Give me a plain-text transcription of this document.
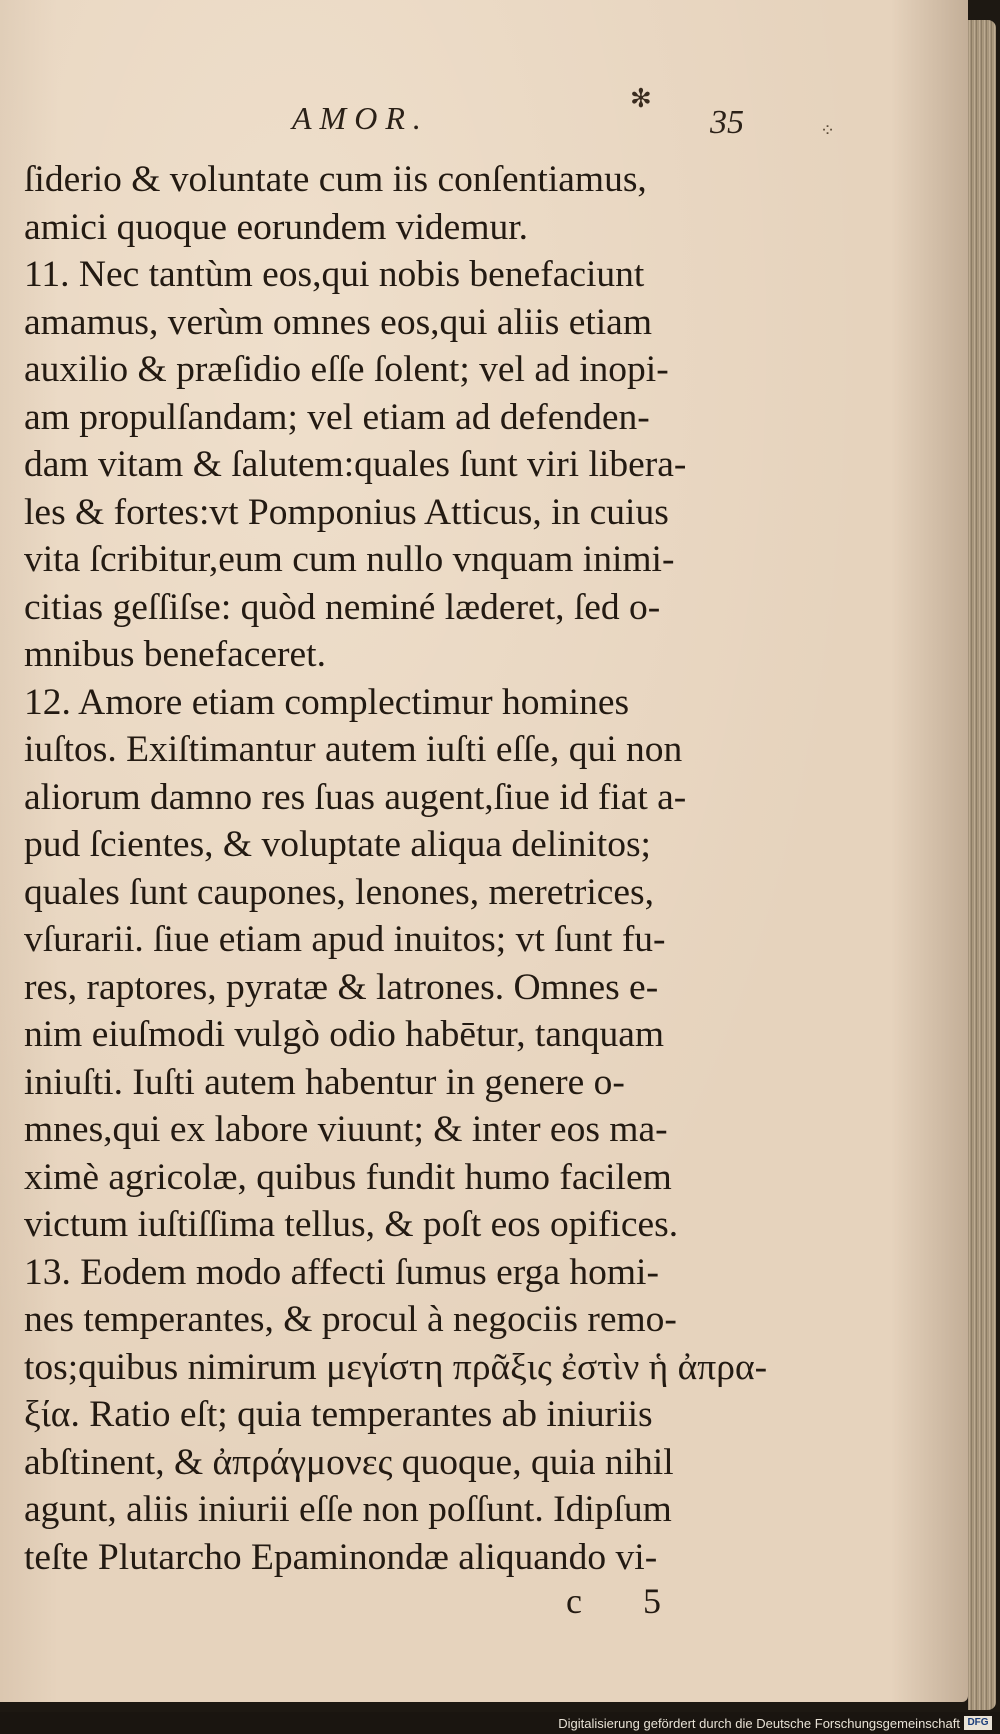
✻
⁘
AMOR.	35
ſiderio & voluntate cum iis conſentiamus,
amici quoque eorundem videmur.
11. Nec tantùm eos,qui nobis benefaciunt
amamus, verùm omnes eos,qui aliis etiam
auxilio & præſidio eſſe ſolent; vel ad inopi-
am propulſandam; vel etiam ad defenden-
dam vitam & ſalutem:quales ſunt viri libera-
les & fortes:vt Pomponius Atticus, in cuius
vita ſcribitur,eum cum nullo vnquam inimi-
citias geſſiſse: quòd neminé læderet, ſed o-
mnibus benefaceret.
12. Amore etiam complectimur homines
iuſtos. Exiſtimantur autem iuſti eſſe, qui non
aliorum damno res ſuas augent,ſiue id fiat a-
pud ſcientes, & voluptate aliqua delinitos;
quales ſunt caupones, lenones, meretrices,
vſurarii. ſiue etiam apud inuitos; vt ſunt fu-
res, raptores, pyratæ & latrones. Omnes e-
nim eiuſmodi vulgò odio habētur, tanquam
iniuſti. Iuſti autem habentur in genere o-
mnes,qui ex labore viuunt; & inter eos ma-
ximè agricolæ, quibus fundit humo facilem
victum iuſtiſſima tellus, & poſt eos opifices.
13. Eodem modo affecti ſumus erga homi-
nes temperantes, & procul à negociis remo-
tos;quibus nimirum μεγίστη πρᾶξις ἐστὶν ἡ ἀπρα-
ξία. Ratio eſt; quia temperantes ab iniuriis
abſtinent, & ἀπράγμονες quoque, quia nihil
agunt, aliis iniurii eſſe non poſſunt. Idipſum
teſte Plutarcho Epaminondæ aliquando vi-
c 5
Digitalisierung gefördert durch die Deutsche Forschungsgemeinschaft DFG
